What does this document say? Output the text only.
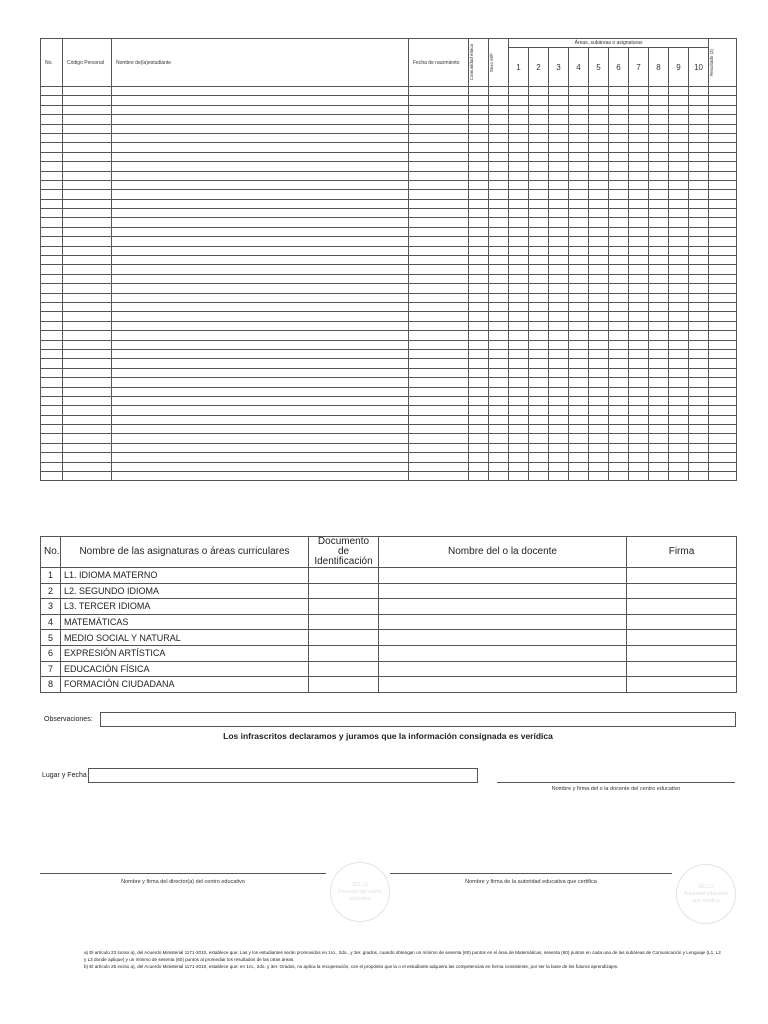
No.	Código Personal	Nombre de(la)estudiante	Fecha de nacimiento	Comunidad étnica	Sexo M/F	Áreas, subáreas o asignaturas										Resultado (3)

						1	2	3	4	5	6	7	8	9	10	

No.	Nombre de las asignaturas o áreas curriculares	Documento de Identificación	Nombre del o la docente	Firma
1	L1. IDIOMA MATERNO			
2	L2. SEGUNDO IDIOMA			
3	L3. TERCER IDIOMA			
4	MATEMÁTICAS			
5	MEDIO SOCIAL Y NATURAL			
6	EXPRESIÓN ARTÍSTICA			
7	EDUCACIÓN FÍSICA			
8	FORMACIÓN CIUDADANA			
Observaciones:
Los infrascritos declaramos y juramos que la información consignada es verídica
Lugar y Fecha
Nombre y firma del o la docente del centro educativo
Nombre y firma del director(a) del centro educativo	Nombre y firma de la autoridad educativa que certifica
SELLO
Dirección del centro
educativo
SELLO
Autoridad educativa
que certifica
a) El artículo 23 inciso a), del Acuerdo Ministerial 1171-2010, establece que: Las y los estudiantes serán promovidos en 1ro., 2do., y 3er. grados, cuando obtengan un mínimo de sesenta (60) puntos en el área de Matemáticas, sesenta (60) puntos en cada una de las subáreas de Comunicación y Lenguaje (L1, L2 y L3 donde aplique) y un mínimo de sesenta (60) puntos al promediar los resultados de las otras áreas.
b) El artículo 25 inciso a), del Acuerdo Ministerial 1171-2010, establece que: en 1ro., 2do. y 3er. Grados, no aplica la recuperación, con el propósito que la o el estudiante adquiera las competencias en forma consistente, por ser la base de los futuros aprendizajes.
